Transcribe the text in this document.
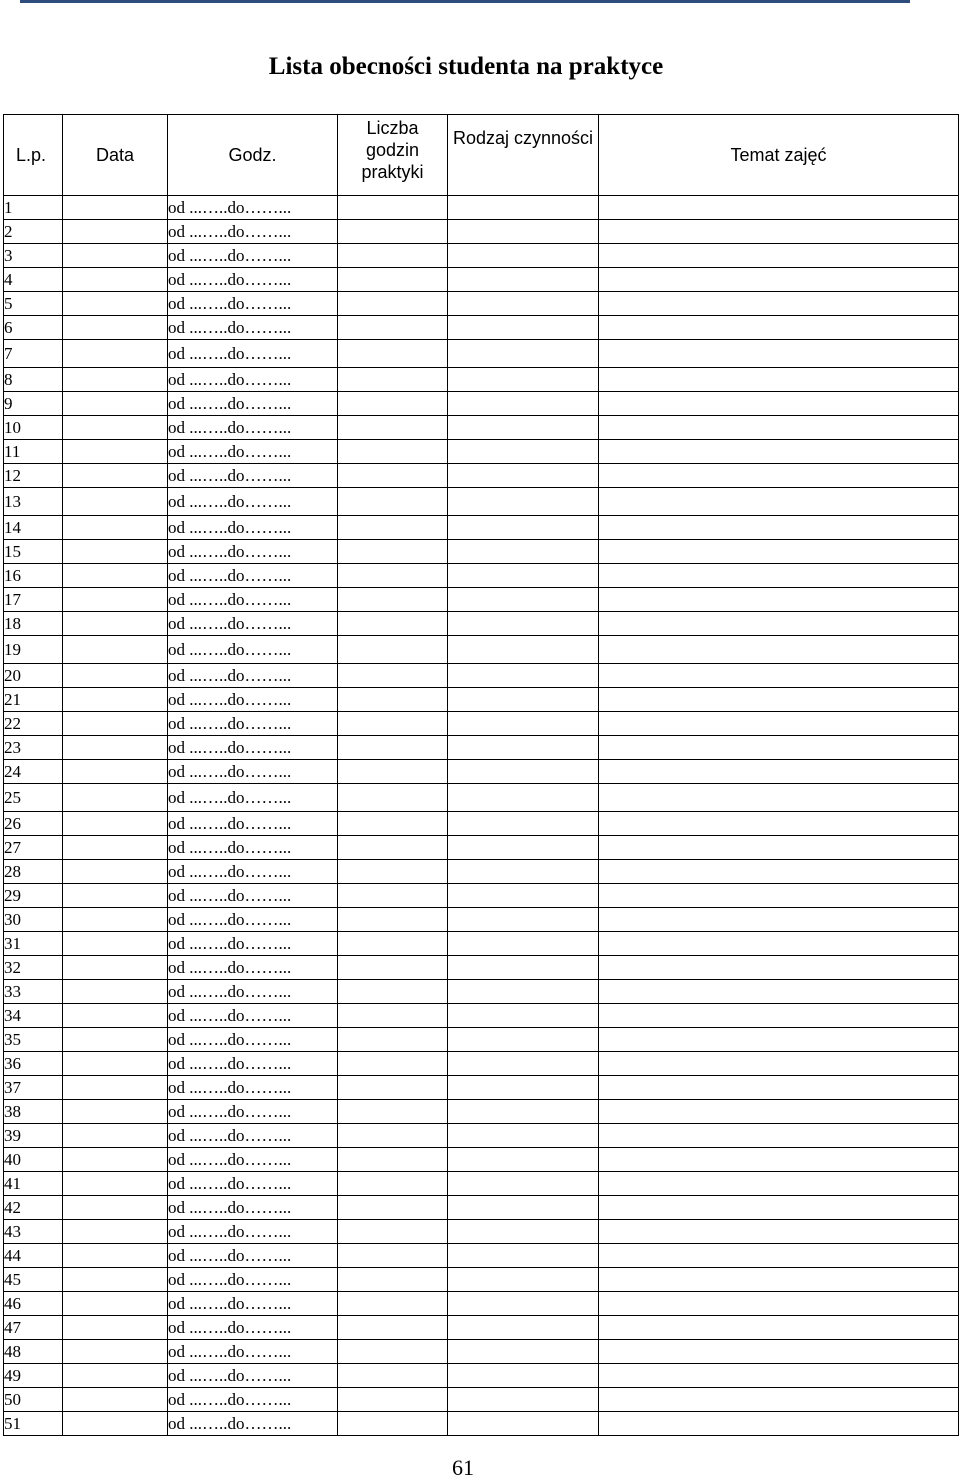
Lista obecności studenta na praktyce
L.p.	Data	Godz.	Liczba godzin praktyki	Rodzaj czynności	Temat zajęć
1		od ...…..do……...			
2		od ...…..do……...			
3		od ...…..do……...			
4		od ...…..do……...			
5		od ...…..do……...			
6		od ...…..do……...			
7		od ...…..do……...			
8		od ...…..do……...			
9		od ...…..do……...			
10		od ...…..do……...			
11		od ...…..do……...			
12		od ...…..do……...			
13		od ...…..do……...			
14		od ...…..do……...			
15		od ...…..do……...			
16		od ...…..do……...			
17		od ...…..do……...			
18		od ...…..do……...			
19		od ...…..do……...			
20		od ...…..do……...			
21		od ...…..do……...			
22		od ...…..do……...			
23		od ...…..do……...			
24		od ...…..do……...			
25		od ...…..do……...			
26		od ...…..do……...			
27		od ...…..do……...			
28		od ...…..do……...			
29		od ...…..do……...			
30		od ...…..do……...			
31		od ...…..do……...			
32		od ...…..do……...			
33		od ...…..do……...			
34		od ...…..do……...			
35		od ...…..do……...			
36		od ...…..do……...			
37		od ...…..do……...			
38		od ...…..do……...			
39		od ...…..do……...			
40		od ...…..do……...			
41		od ...…..do……...			
42		od ...…..do……...			
43		od ...…..do……...			
44		od ...…..do……...			
45		od ...…..do……...			
46		od ...…..do……...			
47		od ...…..do……...			
48		od ...…..do……...			
49		od ...…..do……...			
50		od ...…..do……...			
51		od ...…..do……...			
61
